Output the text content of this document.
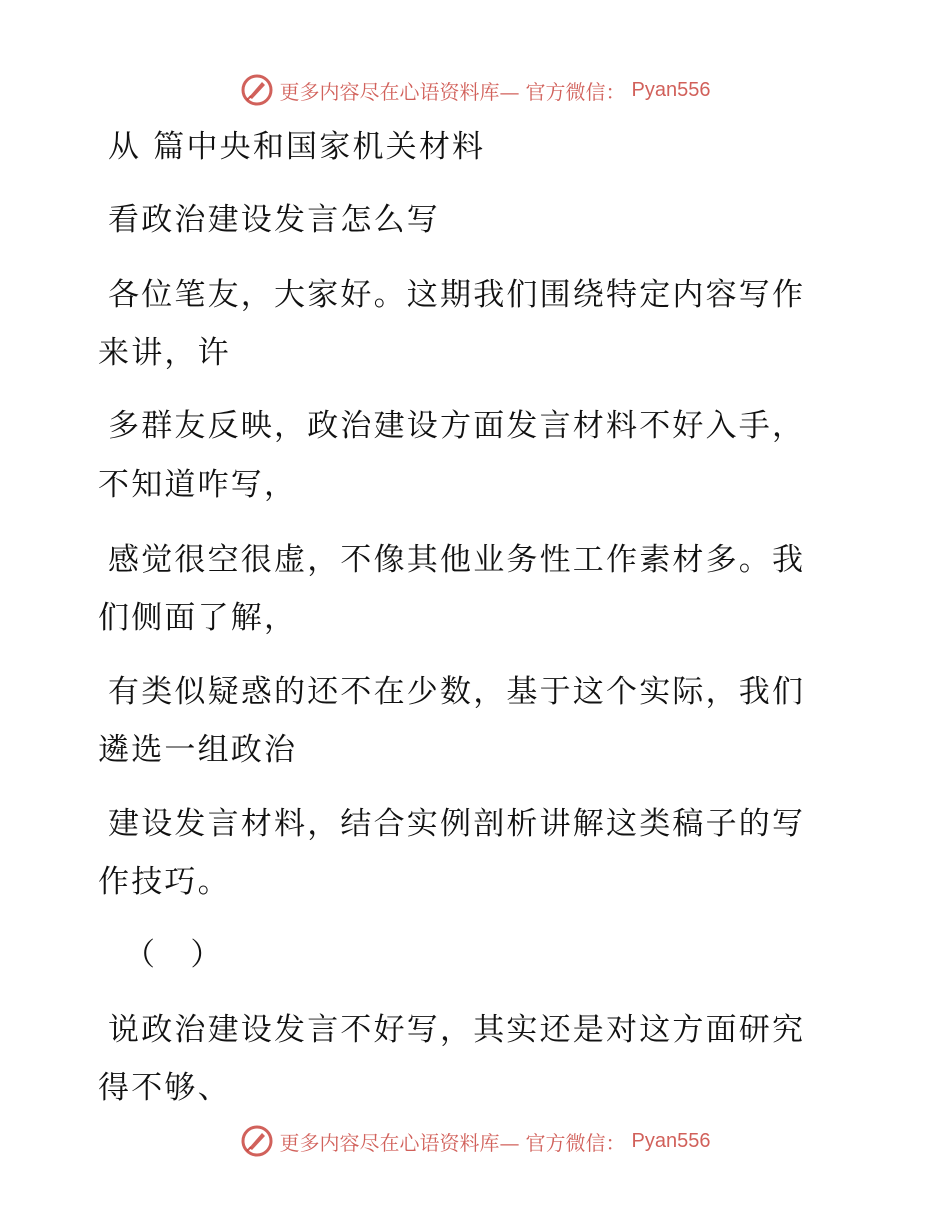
更多内容尽在心语资料库— 官方微信： Pyan556
从 篇中央和国家机关材料
看政治建设发言怎么写
各位笔友，大家好。这期我们围绕特定内容写作
来讲，许
多群友反映，政治建设方面发言材料不好入手，
不知道咋写，
感觉很空很虚，不像其他业务性工作素材多。我
们侧面了解，
有类似疑惑的还不在少数，基于这个实际，我们
遴选一组政治
建设发言材料，结合实例剖析讲解这类稿子的写
作技巧。
（　）
说政治建设发言不好写，其实还是对这方面研究
得不够、
更多内容尽在心语资料库— 官方微信： Pyan556
